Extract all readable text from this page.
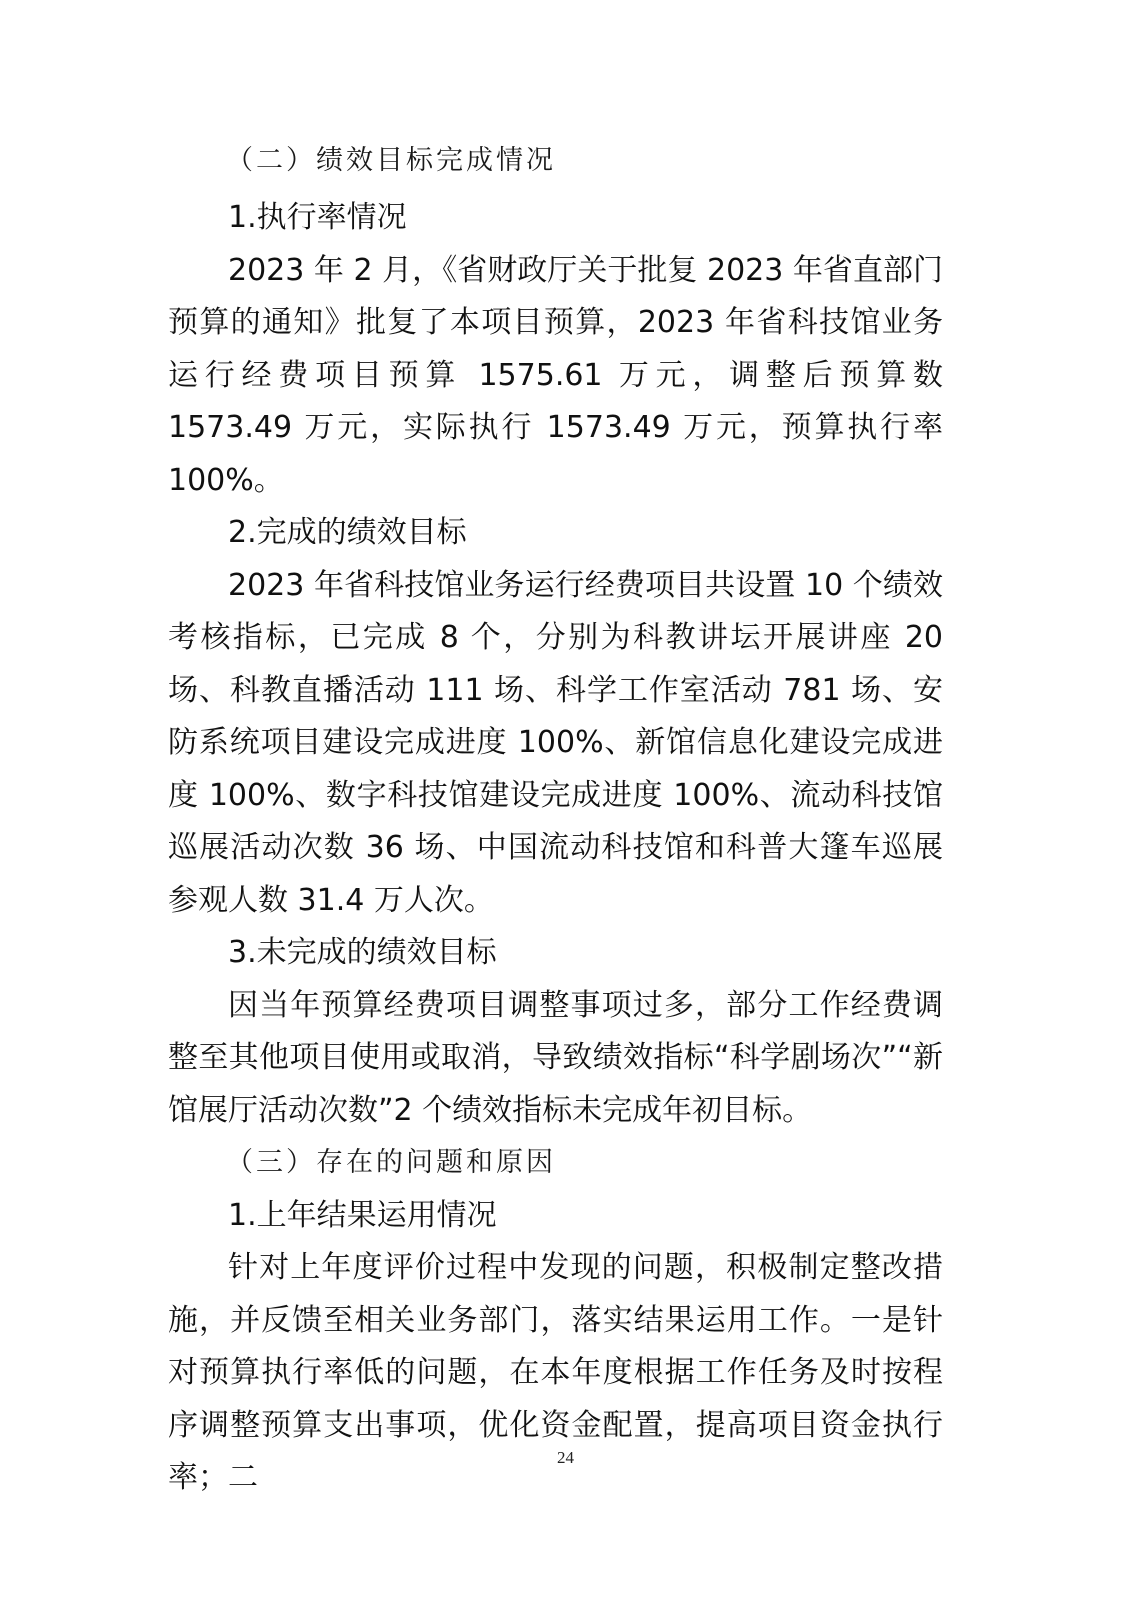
（二）绩效目标完成情况

1.执行率情况

2023 年 2 月，《省财政厅关于批复 2023 年省直部门预算的通知》批复了本项目预算，2023 年省科技馆业务运行经费项目预算 1575.61 万元，调整后预算数 1573.49 万元，实际执行 1573.49 万元，预算执行率 100%。

2.完成的绩效目标

2023 年省科技馆业务运行经费项目共设置 10 个绩效考核指标，已完成 8 个，分别为科教讲坛开展讲座 20 场、科教直播活动 111 场、科学工作室活动 781 场、安防系统项目建设完成进度 100%、新馆信息化建设完成进度 100%、数字科技馆建设完成进度 100%、流动科技馆巡展活动次数 36 场、中国流动科技馆和科普大篷车巡展参观人数 31.4 万人次。

3.未完成的绩效目标

因当年预算经费项目调整事项过多，部分工作经费调整至其他项目使用或取消，导致绩效指标“科学剧场次”“新馆展厅活动次数”2 个绩效指标未完成年初目标。

（三）存在的问题和原因

1.上年结果运用情况

针对上年度评价过程中发现的问题，积极制定整改措施，并反馈至相关业务部门，落实结果运用工作。一是针对预算执行率低的问题，在本年度根据工作任务及时按程序调整预算支出事项，优化资金配置，提高项目资金执行率；二

24
